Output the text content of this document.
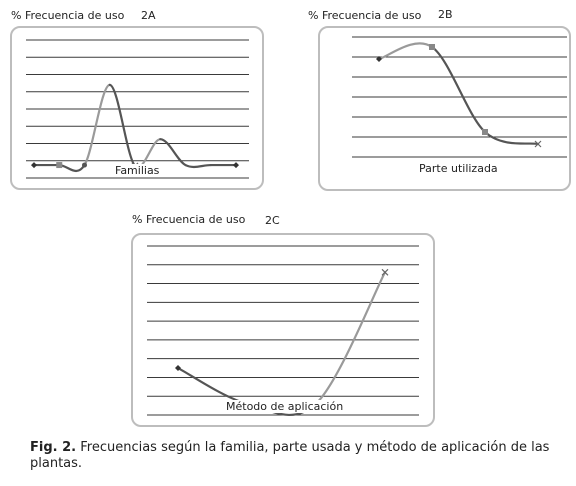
% Frecuencia de uso 2A
Familias
% Frecuencia de uso 2B
Parte utilizada
% Frecuencia de uso 2C
Método de aplicación
Fig. 2. Frecuencias según la familia, parte usada y método de aplicación de las plantas.
